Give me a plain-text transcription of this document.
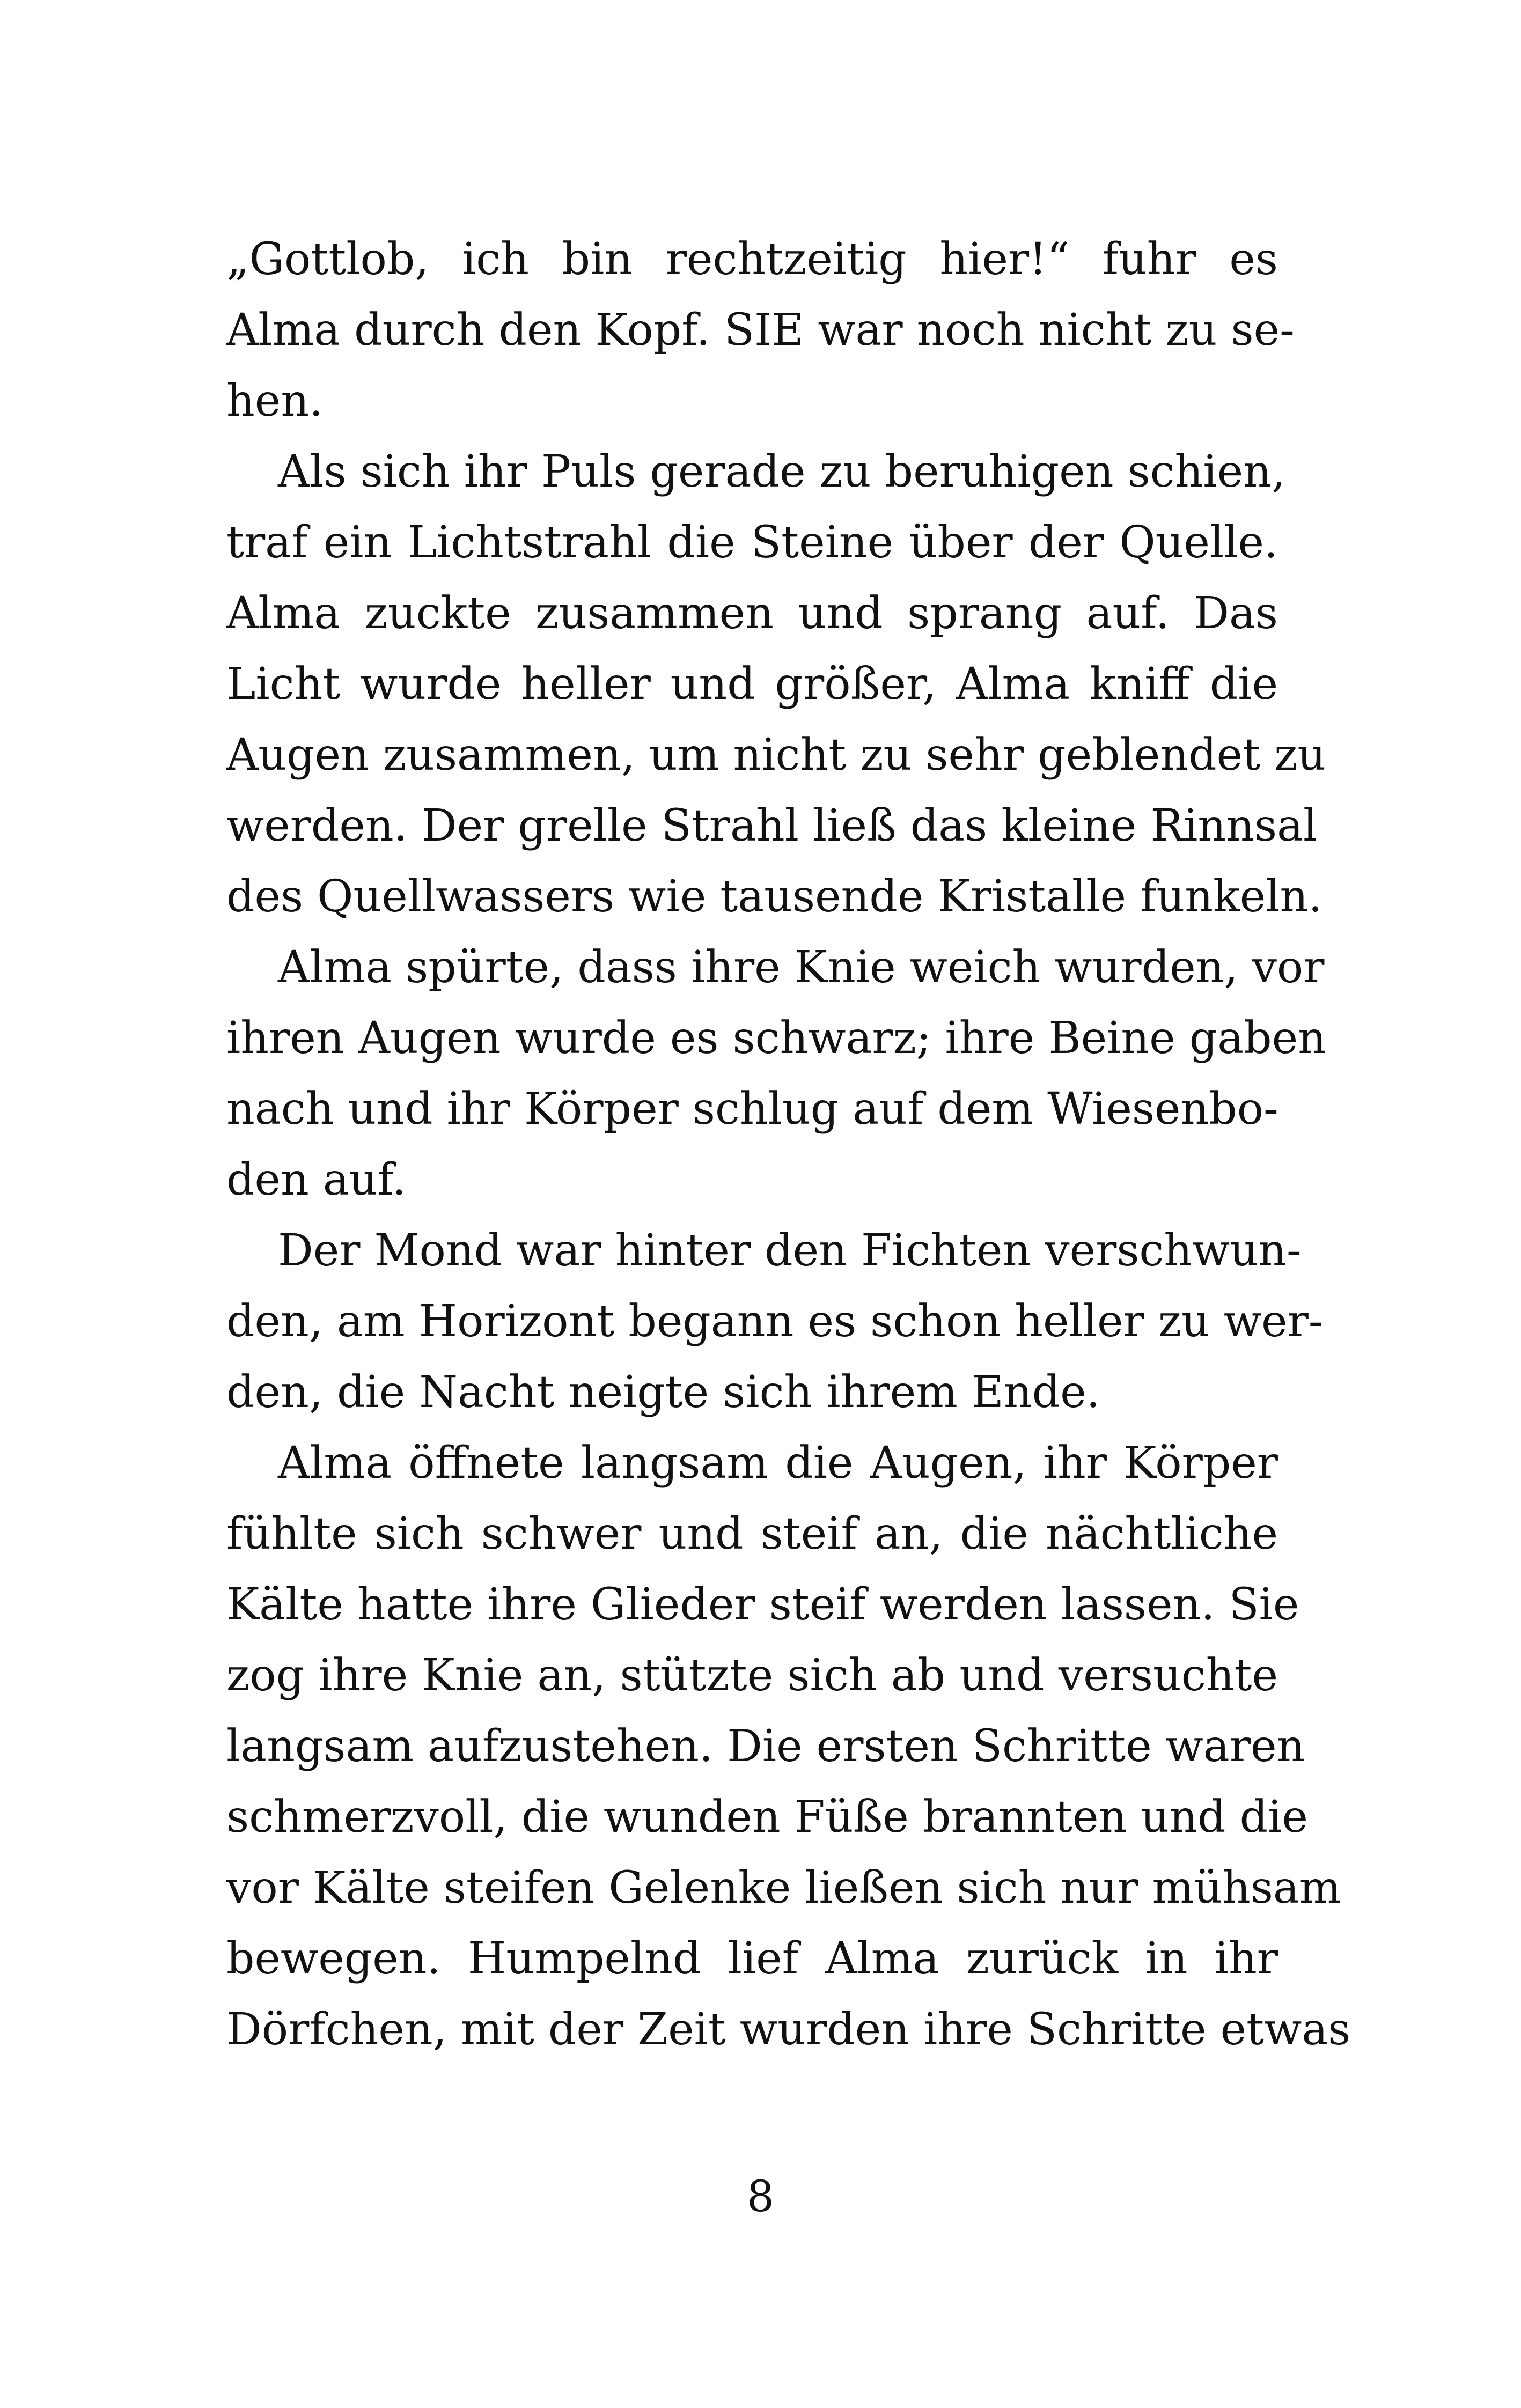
„Gottlob, ich bin rechtzeitig hier!“ fuhr es
Alma durch den Kopf. SIE war noch nicht zu se-
hen.
Als sich ihr Puls gerade zu beruhigen schien,
traf ein Lichtstrahl die Steine über der Quelle.
Alma zuckte zusammen und sprang auf. Das
Licht wurde heller und größer, Alma kniff die
Augen zusammen, um nicht zu sehr geblendet zu
werden. Der grelle Strahl ließ das kleine Rinnsal
des Quellwassers wie tausende Kristalle funkeln.
Alma spürte, dass ihre Knie weich wurden, vor
ihren Augen wurde es schwarz; ihre Beine gaben
nach und ihr Körper schlug auf dem Wiesenbo-
den auf.
Der Mond war hinter den Fichten verschwun-
den, am Horizont begann es schon heller zu wer-
den, die Nacht neigte sich ihrem Ende.
Alma öffnete langsam die Augen, ihr Körper
fühlte sich schwer und steif an, die nächtliche
Kälte hatte ihre Glieder steif werden lassen. Sie
zog ihre Knie an, stützte sich ab und versuchte
langsam aufzustehen. Die ersten Schritte waren
schmerzvoll, die wunden Füße brannten und die
vor Kälte steifen Gelenke ließen sich nur mühsam
bewegen. Humpelnd lief Alma zurück in ihr
Dörfchen, mit der Zeit wurden ihre Schritte etwas
8
